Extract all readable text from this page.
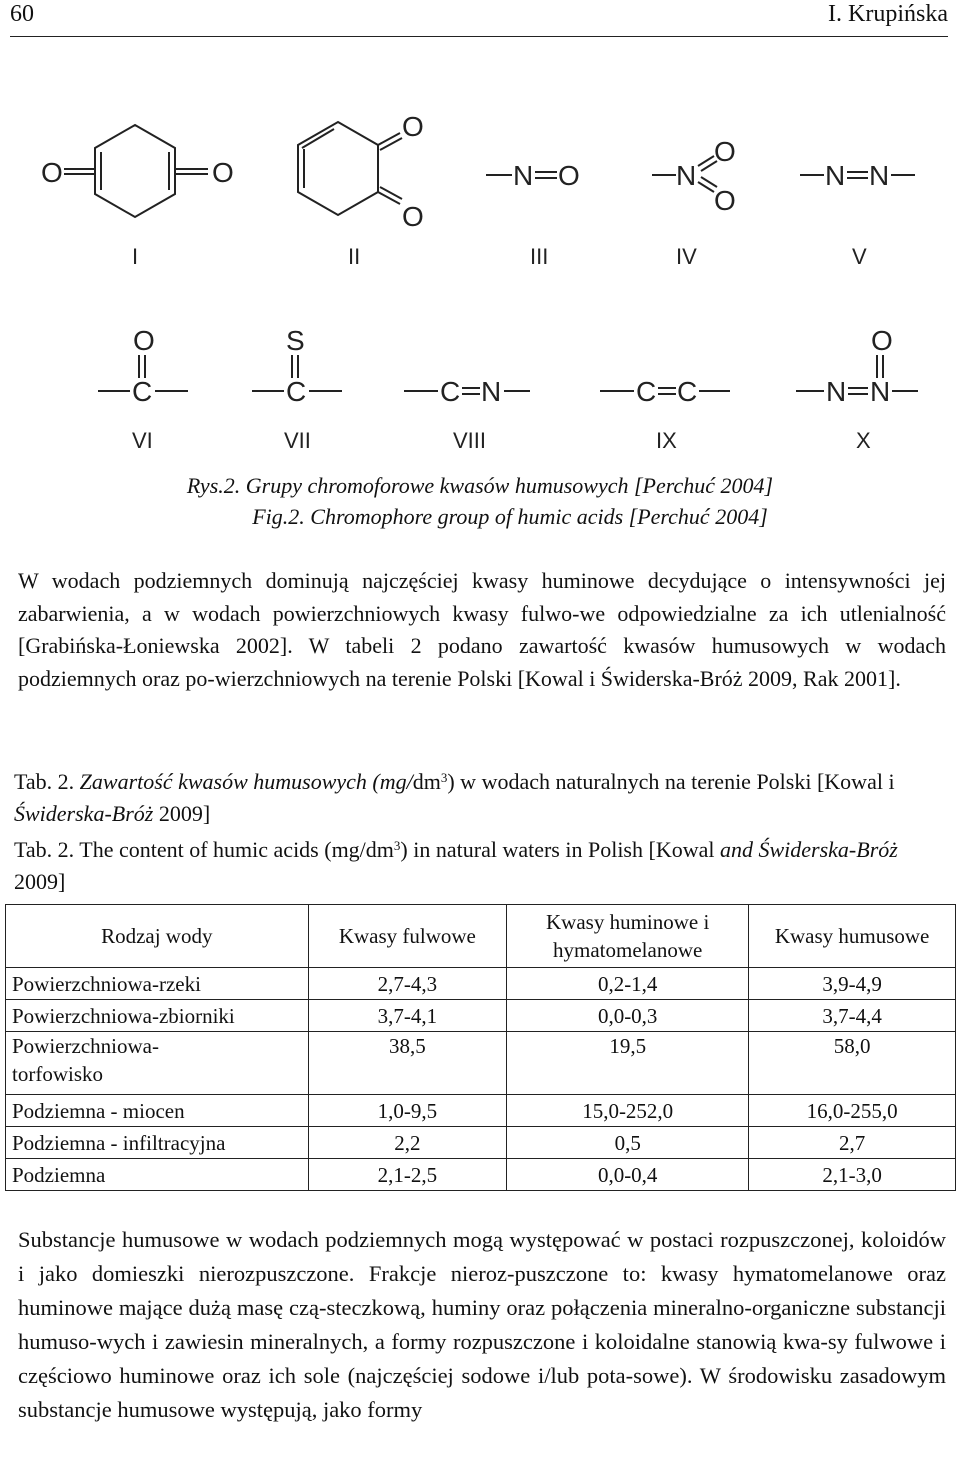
60	I. Krupińska
O	O
I
O
O
II
N O
III
N
O
O
IV
N N
V
O
C
VI
S
C
VII
C N
VIII
C C
IX
O
N N
X
Rys.2. Grupy chromoforowe kwasów humusowych [Perchuć 2004]
Fig.2. Chromophore group of humic acids [Perchuć 2004]
W wodach podziemnych dominują najczęściej kwasy huminowe decydujące o intensywności jej zabarwienia, a w wodach powierzchniowych kwasy fulwo-we odpowiedzialne za ich utlenialność [Grabińska-Łoniewska 2002]. W tabeli 2 podano zawartość kwasów humusowych w wodach podziemnych oraz po-wierzchniowych na terenie Polski [Kowal i Świderska-Bróż 2009, Rak 2001].
Tab. 2. Zawartość kwasów humusowych $(mg/dm^3)$ w wodach naturalnych na terenie Polski [Kowal i Świderska-Bróż 2009]
Tab. 2. The content of humic acids $(mg/dm^3)$ in natural waters in Polish [Kowal and Świderska-Bróż 2009]
Rodzaj wody	Kwasy fulwowe	Kwasy huminowe i hymatomelanowe	Kwasy humusowe
Powierzchniowa-rzeki	2,7-4,3	0,2-1,4	3,9-4,9
Powierzchniowa-zbiorniki	3,7-4,1	0,0-0,3	3,7-4,4
Powierzchniowa-torfowisko	38,5	19,5	58,0
Podziemna - miocen	1,0-9,5	15,0-252,0	16,0-255,0
Podziemna - infiltracyjna	2,2	0,5	2,7
Podziemna	2,1-2,5	0,0-0,4	2,1-3,0
Substancje humusowe w wodach podziemnych mogą występować w postaci rozpuszczonej, koloidów i jako domieszki nierozpuszczone. Frakcje nieroz-puszczone to: kwasy hymatomelanowe oraz huminowe mające dużą masę czą-steczkową, huminy oraz połączenia mineralno-organiczne substancji humuso-wych i zawiesin mineralnych, a formy rozpuszczone i koloidalne stanowią kwa-sy fulwowe i częściowo huminowe oraz ich sole (najczęściej sodowe i/lub pota-sowe). W środowisku zasadowym substancje humusowe występują, jako formy
